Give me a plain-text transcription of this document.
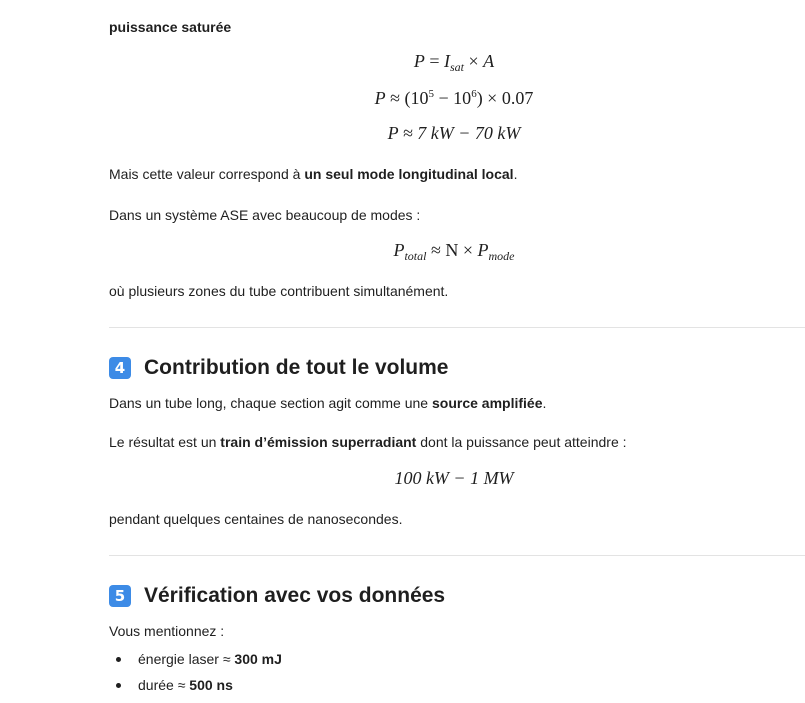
puissance saturée

$P = I_{sat} \times A$
$P \approx (10^5 - 10^6) \times 0.07$
P ≈ 7 kW − 70 kW

Mais cette valeur correspond à un seul mode longitudinal local.

Dans un système ASE avec beaucoup de modes :

$P_{total} \approx N \times P_{mode}$

où plusieurs zones du tube contribuent simultanément.

4 Contribution de tout le volume

Dans un tube long, chaque section agit comme une source amplifiée.

Le résultat est un train d’émission superradiant dont la puissance peut atteindre :

100 kW − 1 MW

pendant quelques centaines de nanosecondes.

5 Vérification avec vos données

Vous mentionnez :

énergie laser ≈ 300 mJ
durée ≈ 500 ns
